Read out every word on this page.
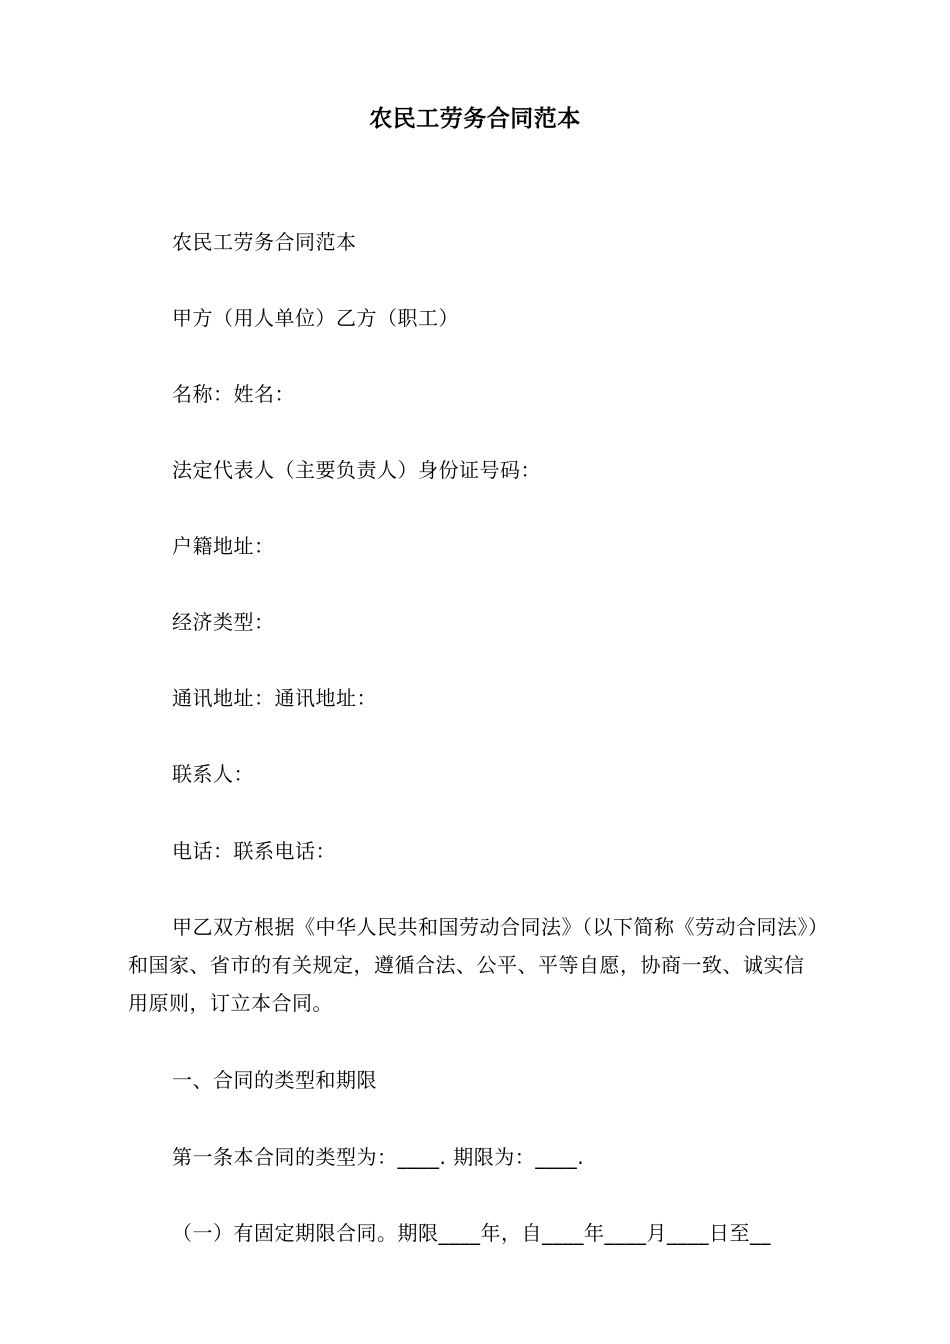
农民工劳务合同范本
农民工劳务合同范本
甲方（用人单位）乙方（职工）
名称：姓名：
法定代表人（主要负责人）身份证号码：
户籍地址：
经济类型：
通讯地址：通讯地址：
联系人：
电话：联系电话：
甲乙双方根据《中华人民共和国劳动合同法》（以下简称《劳动合同法》）和国家、省市的有关规定，遵循合法、公平、平等自愿，协商一致、诚实信用原则，订立本合同。
一、合同的类型和期限
第一条本合同的类型为：____. 期限为：____.
（一）有固定期限合同。期限____年，自____年____月____日至__
